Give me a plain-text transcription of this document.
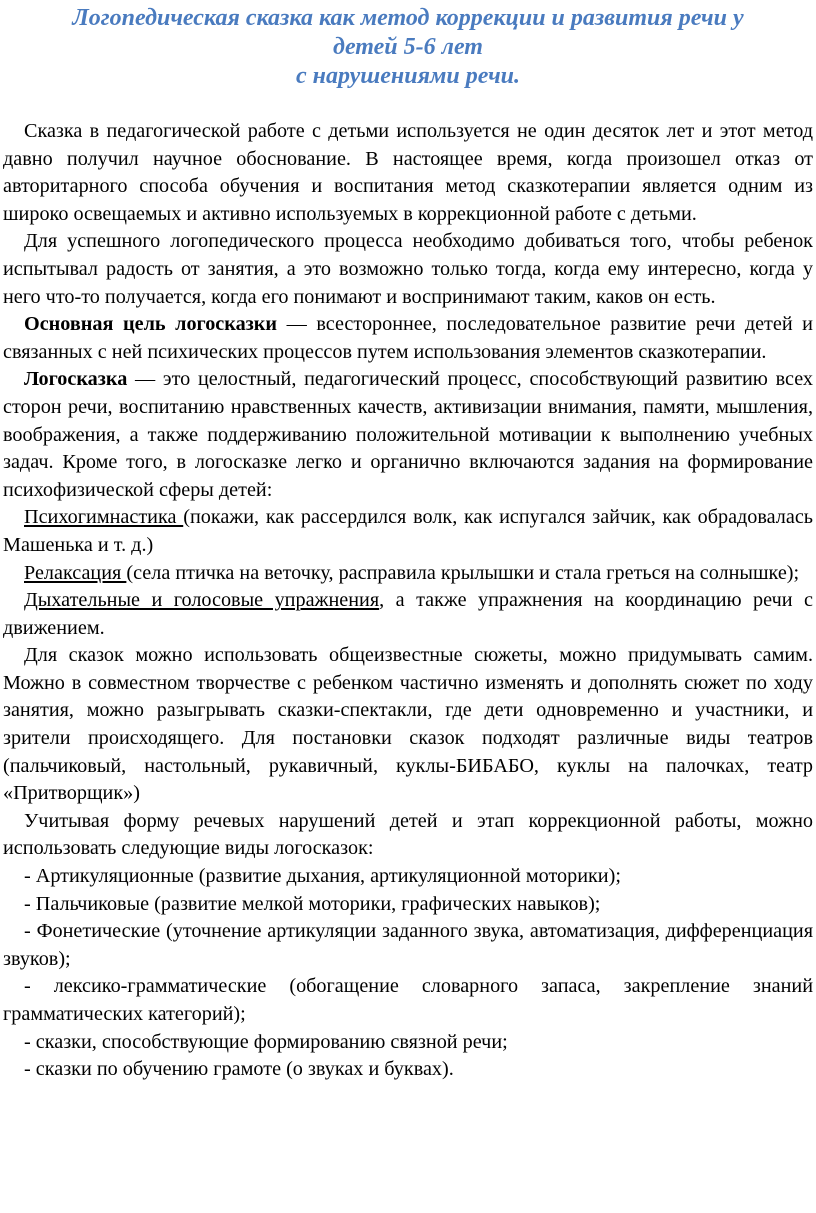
Логопедическая сказка как метод коррекции и развития речи у
детей 5-6 лет
с нарушениями речи.

Сказка в педагогической работе с детьми используется не один десяток лет и этот метод давно получил научное обоснование. В настоящее время, когда произошел отказ от авторитарного способа обучения и воспитания метод сказкотерапии является одним из широко освещаемых и активно используемых в коррекционной работе с детьми.

Для успешного логопедического процесса необходимо добиваться того, чтобы ребенок испытывал радость от занятия, а это возможно только тогда, когда ему интересно, когда у него что-то получается, когда его понимают и воспринимают таким, каков он есть.

Основная цель логосказки — всестороннее, последовательное развитие речи детей и связанных с ней психических процессов путем использования элементов сказкотерапии.

Логосказка — это целостный, педагогический процесс, способствующий развитию всех сторон речи, воспитанию нравственных качеств, активизации внимания, памяти, мышления, воображения, а также поддерживанию положительной мотивации к выполнению учебных задач. Кроме того, в логосказке легко и органично включаются задания на формирование психофизической сферы детей:

Психогимнастика (покажи, как рассердился волк, как испугался зайчик, как обрадовалась Машенька и т. д.)

Релаксация (села птичка на веточку, расправила крылышки и стала греться на солнышке);

Дыхательные и голосовые упражнения, а также упражнения на координацию речи с движением.

Для сказок можно использовать общеизвестные сюжеты, можно придумывать самим. Можно в совместном творчестве с ребенком частично изменять и дополнять сюжет по ходу занятия, можно разыгрывать сказки-спектакли, где дети одновременно и участники, и зрители происходящего. Для постановки сказок подходят различные виды театров (пальчиковый, настольный, рукавичный, куклы-БИБАБО, куклы на палочках, театр «Притворщик»)

Учитывая форму речевых нарушений детей и этап коррекционной работы, можно использовать следующие виды логосказок:

- Артикуляционные (развитие дыхания, артикуляционной моторики);

- Пальчиковые (развитие мелкой моторики, графических навыков);

- Фонетические (уточнение артикуляции заданного звука, автоматизация, дифференциация звуков);

- лексико-грамматические (обогащение словарного запаса, закрепление знаний грамматических категорий);

- сказки, способствующие формированию связной речи;

- сказки по обучению грамоте (о звуках и буквах).
